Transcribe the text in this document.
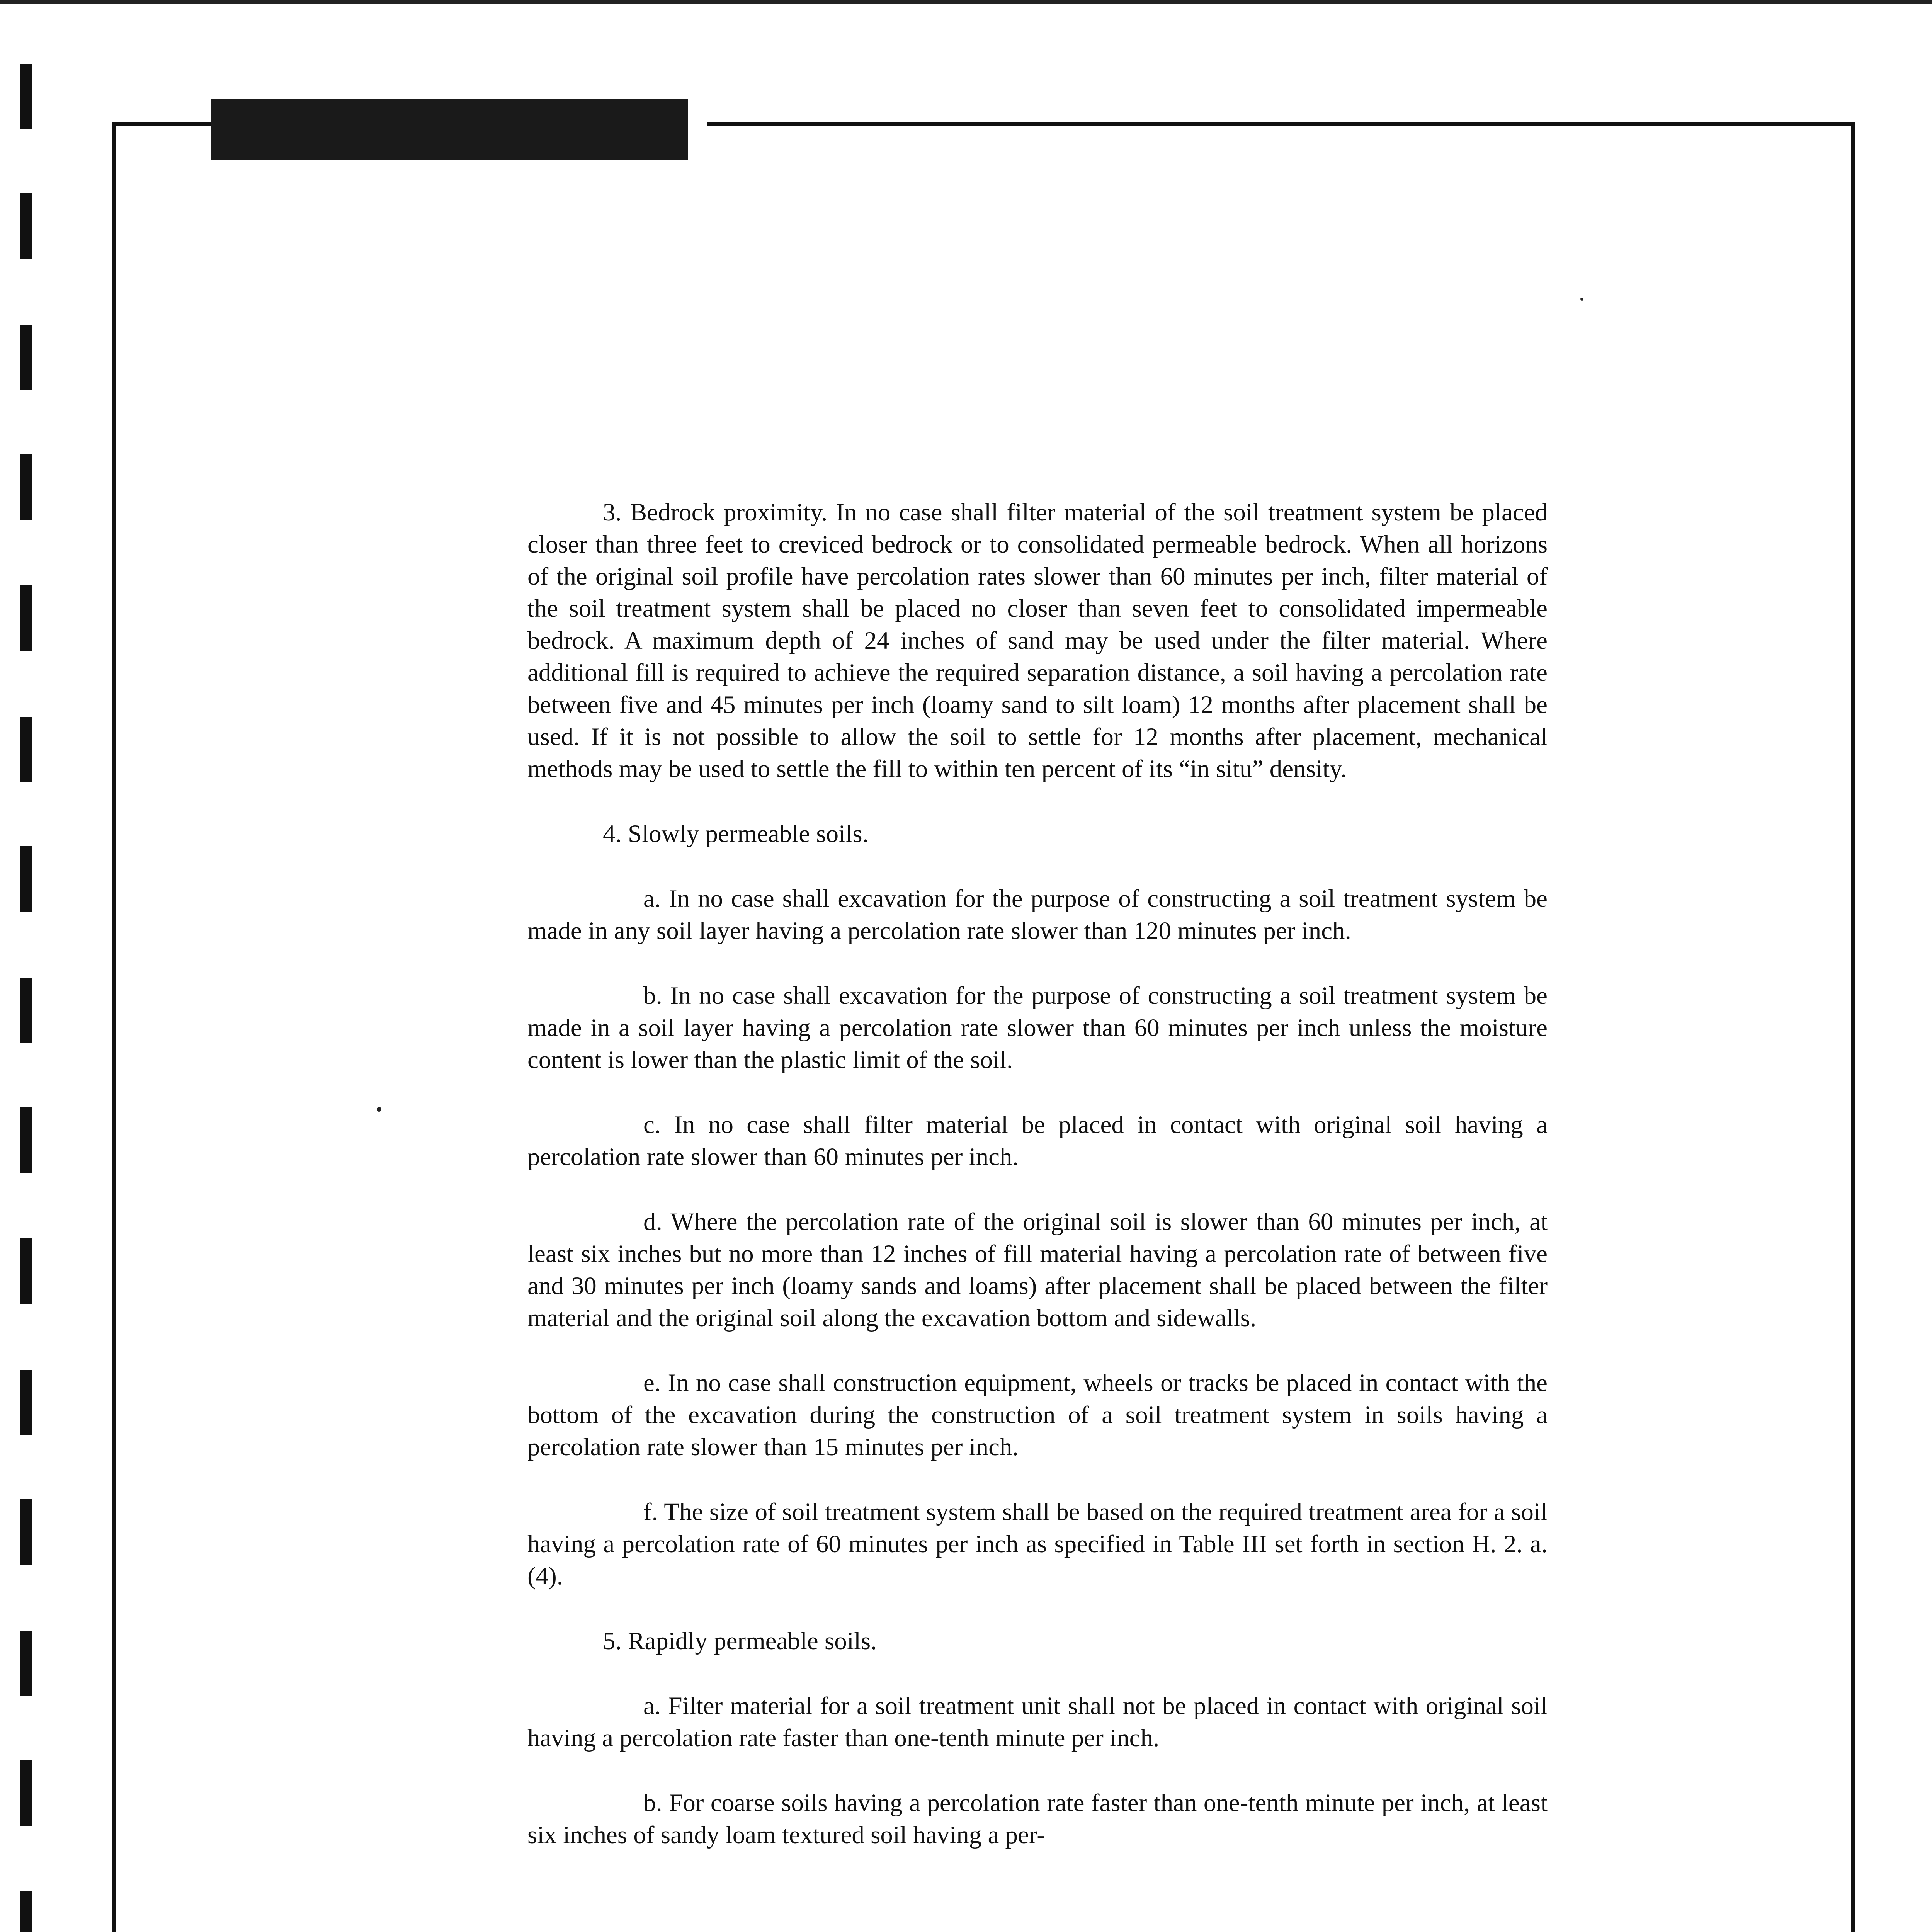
3. Bedrock proximity. In no case shall filter material of the soil treatment system be placed closer than three feet to creviced bedrock or to consolidated permeable bedrock. When all horizons of the original soil profile have percolation rates slower than 60 minutes per inch, filter material of the soil treatment system shall be placed no closer than seven feet to consolidated impermeable bedrock. A maximum depth of 24 inches of sand may be used under the filter material. Where additional fill is required to achieve the required separation distance, a soil having a percolation rate between five and 45 minutes per inch (loamy sand to silt loam) 12 months after placement shall be used. If it is not possible to allow the soil to settle for 12 months after placement, mechanical methods may be used to settle the fill to within ten percent of its “in situ” density.

4. Slowly permeable soils.

a. In no case shall excavation for the purpose of constructing a soil treatment system be made in any soil layer having a percolation rate slower than 120 minutes per inch.

b. In no case shall excavation for the purpose of constructing a soil treatment system be made in a soil layer having a percolation rate slower than 60 minutes per inch unless the moisture content is lower than the plastic limit of the soil.

c. In no case shall filter material be placed in contact with original soil having a percolation rate slower than 60 minutes per inch.

d. Where the percolation rate of the original soil is slower than 60 minutes per inch, at least six inches but no more than 12 inches of fill material having a percolation rate of between five and 30 minutes per inch (loamy sands and loams) after placement shall be placed between the filter material and the original soil along the excavation bottom and sidewalls.

e. In no case shall construction equipment, wheels or tracks be placed in contact with the bottom of the excavation during the construction of a soil treatment system in soils having a percolation rate slower than 15 minutes per inch.

f. The size of soil treatment system shall be based on the required treatment area for a soil having a percolation rate of 60 minutes per inch as specified in Table III set forth in section H. 2. a. (4).

5. Rapidly permeable soils.

a. Filter material for a soil treatment unit shall not be placed in contact with original soil having a percolation rate faster than one-tenth minute per inch.

b. For coarse soils having a percolation rate faster than one-tenth minute per inch, at least six inches of sandy loam textured soil having a per-
